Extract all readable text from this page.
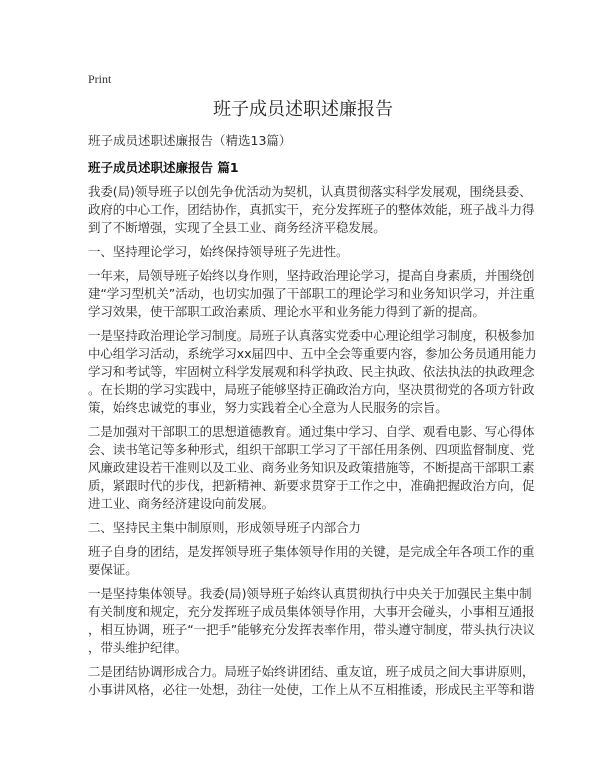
Print
班子成员述职述廉报告
班子成员述职述廉报告（精选13篇）
班子成员述职述廉报告 篇1
我委(局)领导班子以创先争优活动为契机，认真贯彻落实科学发展观，围绕县委、
政府的中心工作，团结协作，真抓实干，充分发挥班子的整体效能，班子战斗力得
到了不断增强，实现了全县工业、商务经济平稳发展。
一、坚持理论学习，始终保持领导班子先进性。
一年来，局领导班子始终以身作则，坚持政治理论学习，提高自身素质，并围绕创
建“学习型机关”活动，也切实加强了干部职工的理论学习和业务知识学习，并注重
学习效果，使干部职工政治素质、理论水平和业务能力得到了新的提高。
一是坚持政治理论学习制度。局班子认真落实党委中心理论组学习制度，积极参加
中心组学习活动，系统学习xx届四中、五中全会等重要内容，参加公务员通用能力
学习和考试等，牢固树立科学发展观和科学执政、民主执政、依法执法的执政理念
。在长期的学习实践中，局班子能够坚持正确政治方向，坚决贯彻党的各项方针政
策，始终忠诚党的事业，努力实践着全心全意为人民服务的宗旨。
二是加强对干部职工的思想道德教育。通过集中学习、自学、观看电影、写心得体
会、读书笔记等多种形式，组织干部职工学习了干部任用条例、四项监督制度、党
风廉政建设若干准则以及工业、商务业务知识及政策措施等，不断提高干部职工素
质，紧跟时代的步伐，把新精神、新要求贯穿于工作之中，准确把握政治方向，促
进工业、商务经济建设向前发展。
二、坚持民主集中制原则，形成领导班子内部合力
班子自身的团结，是发挥领导班子集体领导作用的关键，是完成全年各项工作的重
要保证。
一是坚持集体领导。我委(局)领导班子始终认真贯彻执行中央关于加强民主集中制
有关制度和规定，充分发挥班子成员集体领导作用，大事开会碰头，小事相互通报
，相互协调，班子“一把手”能够充分发挥表率作用，带头遵守制度，带头执行决议
，带头维护纪律。
二是团结协调形成合力。局班子始终讲团结、重友谊，班子成员之间大事讲原则，
小事讲风格，必往一处想，劲往一处使，工作上从不互相推诿，形成民主平等和谐
